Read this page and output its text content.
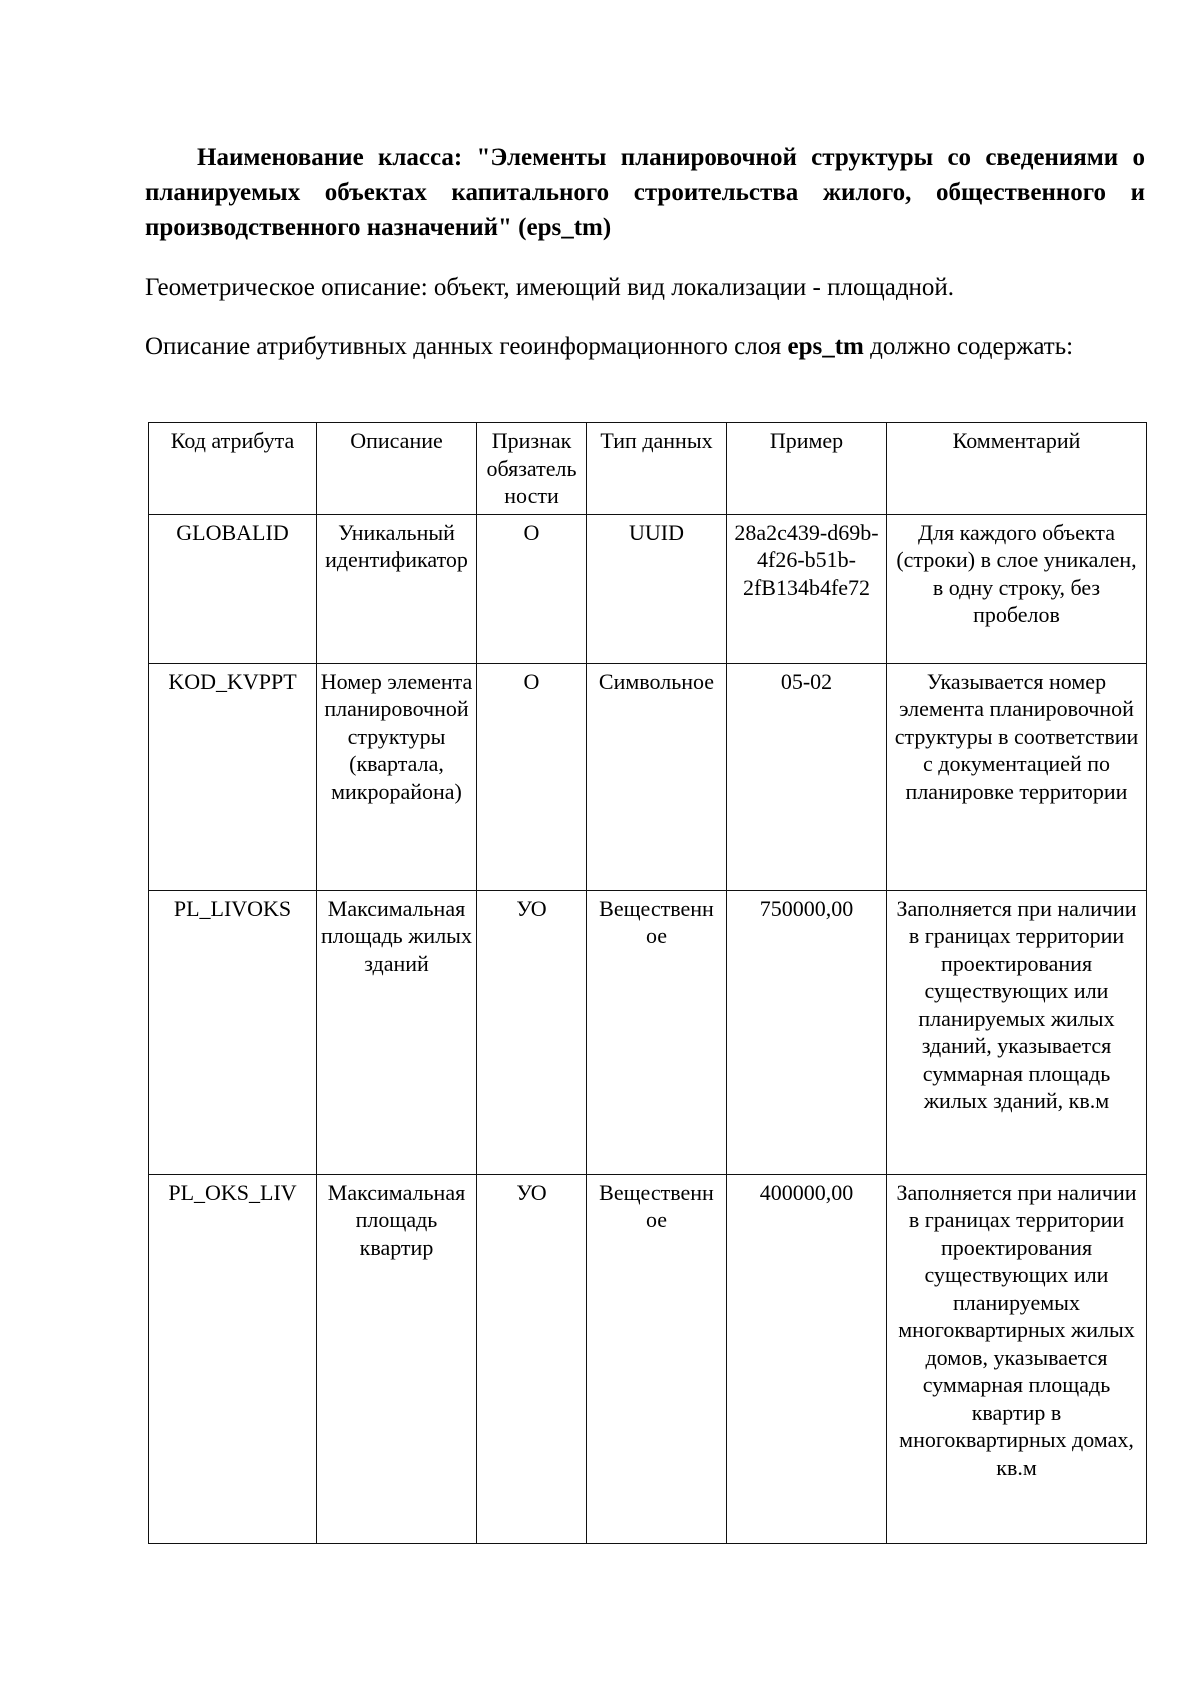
Наименование класса: "Элементы планировочной структуры со сведениями о планируемых объектах капитального строительства жилого, общественного и производственного назначений" (eps_tm)
Геометрическое описание: объект, имеющий вид локализации - площадной.
Описание атрибутивных данных геоинформационного слоя eps_tm должно содержать:
Код атрибута	Описание	Признак обязатель ности	Тип данных	Пример	Комментарий
GLOBALID	Уникальный идентификатор	О	UUID	28a2c439-d69b-4f26-b51b-2fB134b4fe72	Для каждого объекта (строки) в слое уникален, в одну строку, без пробелов
KOD_KVPPT	Номер элемента планировочной структуры (квартала, микрорайона)	О	Символьное	05-02	Указывается номер элемента планировочной структуры в соответствии с документацией по планировке территории
PL_LIVOKS	Максимальная площадь жилых зданий	УО	Вещественн ое	750000,00	Заполняется при наличии в границах территории проектирования существующих или планируемых жилых зданий, указывается суммарная площадь жилых зданий, кв.м
PL_OKS_LIV	Максимальная площадь квартир	УО	Вещественн ое	400000,00	Заполняется при наличии в границах территории проектирования существующих или планируемых многоквартирных жилых домов, указывается суммарная площадь квартир в многоквартирных домах, кв.м
